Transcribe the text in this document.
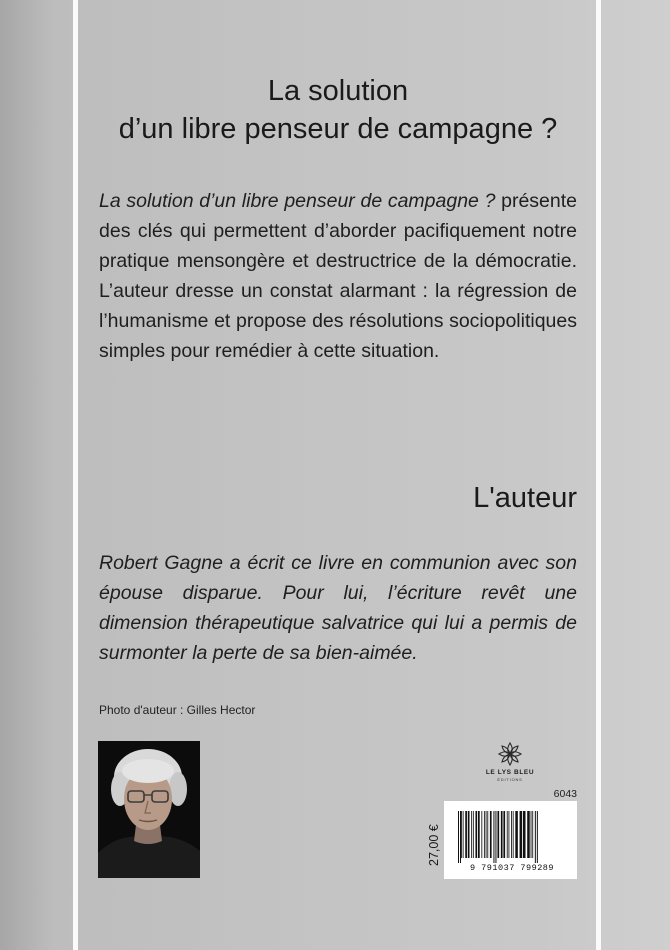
La solution
d’un libre penseur de campagne ?
La solution d’un libre penseur de campagne ? présente des clés qui permettent d’aborder pacifiquement notre pratique mensongère et destructrice de la démocratie. L’auteur dresse un constat alarmant : la régression de l’humanisme et propose des résolutions sociopolitiques simples pour remédier à cette situation.
L'auteur
Robert Gagne a écrit ce livre en communion avec son épouse disparue. Pour lui, l’écriture revêt une dimension thérapeutique salvatrice qui lui a permis de surmonter la perte de sa bien-aimée.
Photo d'auteur : Gilles Hector
LE LYS BLEU
ÉDITIONS
6043
27,00 €
9 791037 799289
